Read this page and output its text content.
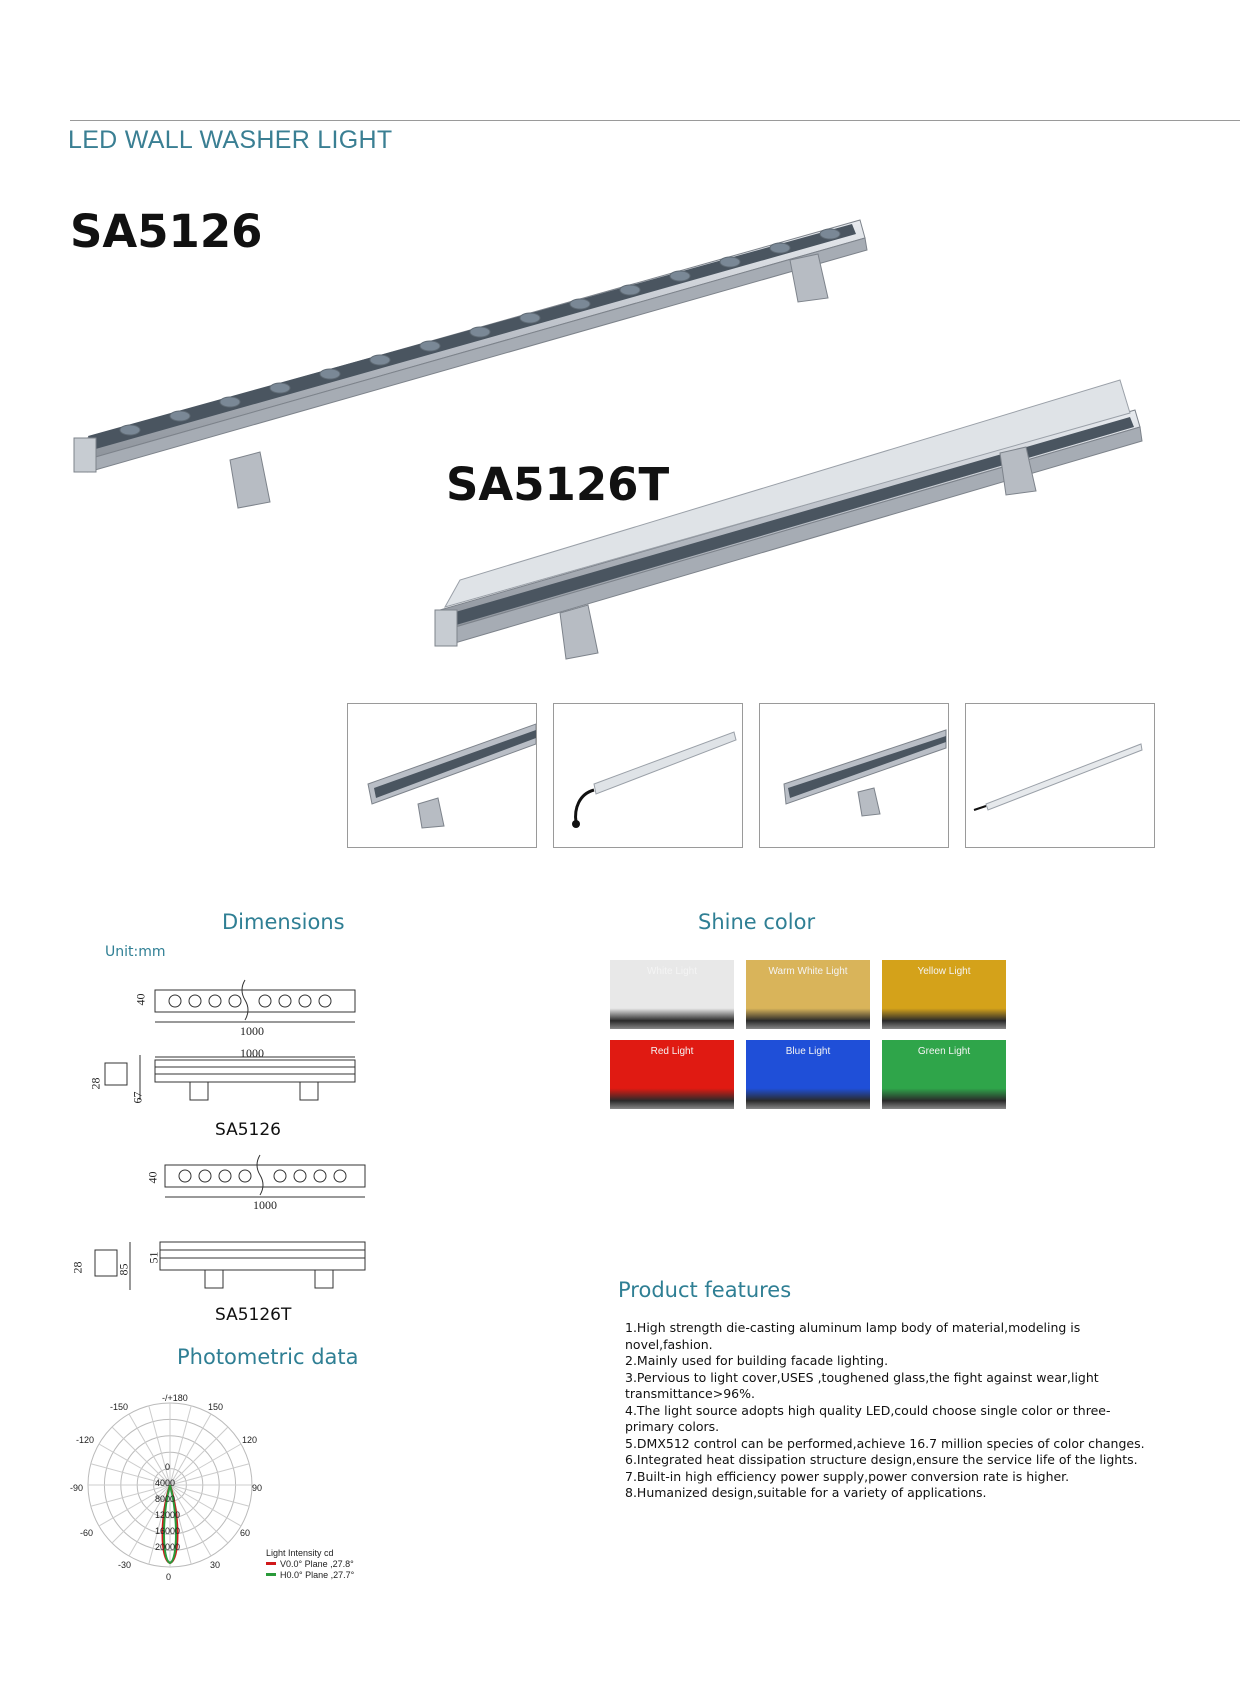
LED WALL WASHER LIGHT
SA5126
SA5126T
Dimensions
Unit:mm
40
1000
1000
28
67
SA5126
40
1000
28	85
51
SA5126T
Shine color
White Light	Warm White Light	Yellow Light
Red Light	Blue Light	Green Light
Product features
1.High strength die-casting aluminum lamp body of material,modeling is novel,fashion.
2.Mainly used for building facade lighting.
3.Pervious to light cover,USES ,toughened glass,the fight against wear,light transmittance>96%.
4.The light source adopts high quality LED,could choose single color or three-primary colors.
5.DMX512 control can be performed,achieve 16.7 million species of color changes.
6.Integrated heat dissipation structure design,ensure the service life of the lights.
7.Built-in high efficiency power supply,power conversion rate is higher.
8.Humanized design,suitable for a variety of applications.
Photometric data
-/+180
-150	150
-120	120
-90	90
-60	60
-30	30
0
0
4000
8000
12000
16000
20000
Light Intensity cd
V0.0° Plane ,27.8°
H0.0° Plane ,27.7°
